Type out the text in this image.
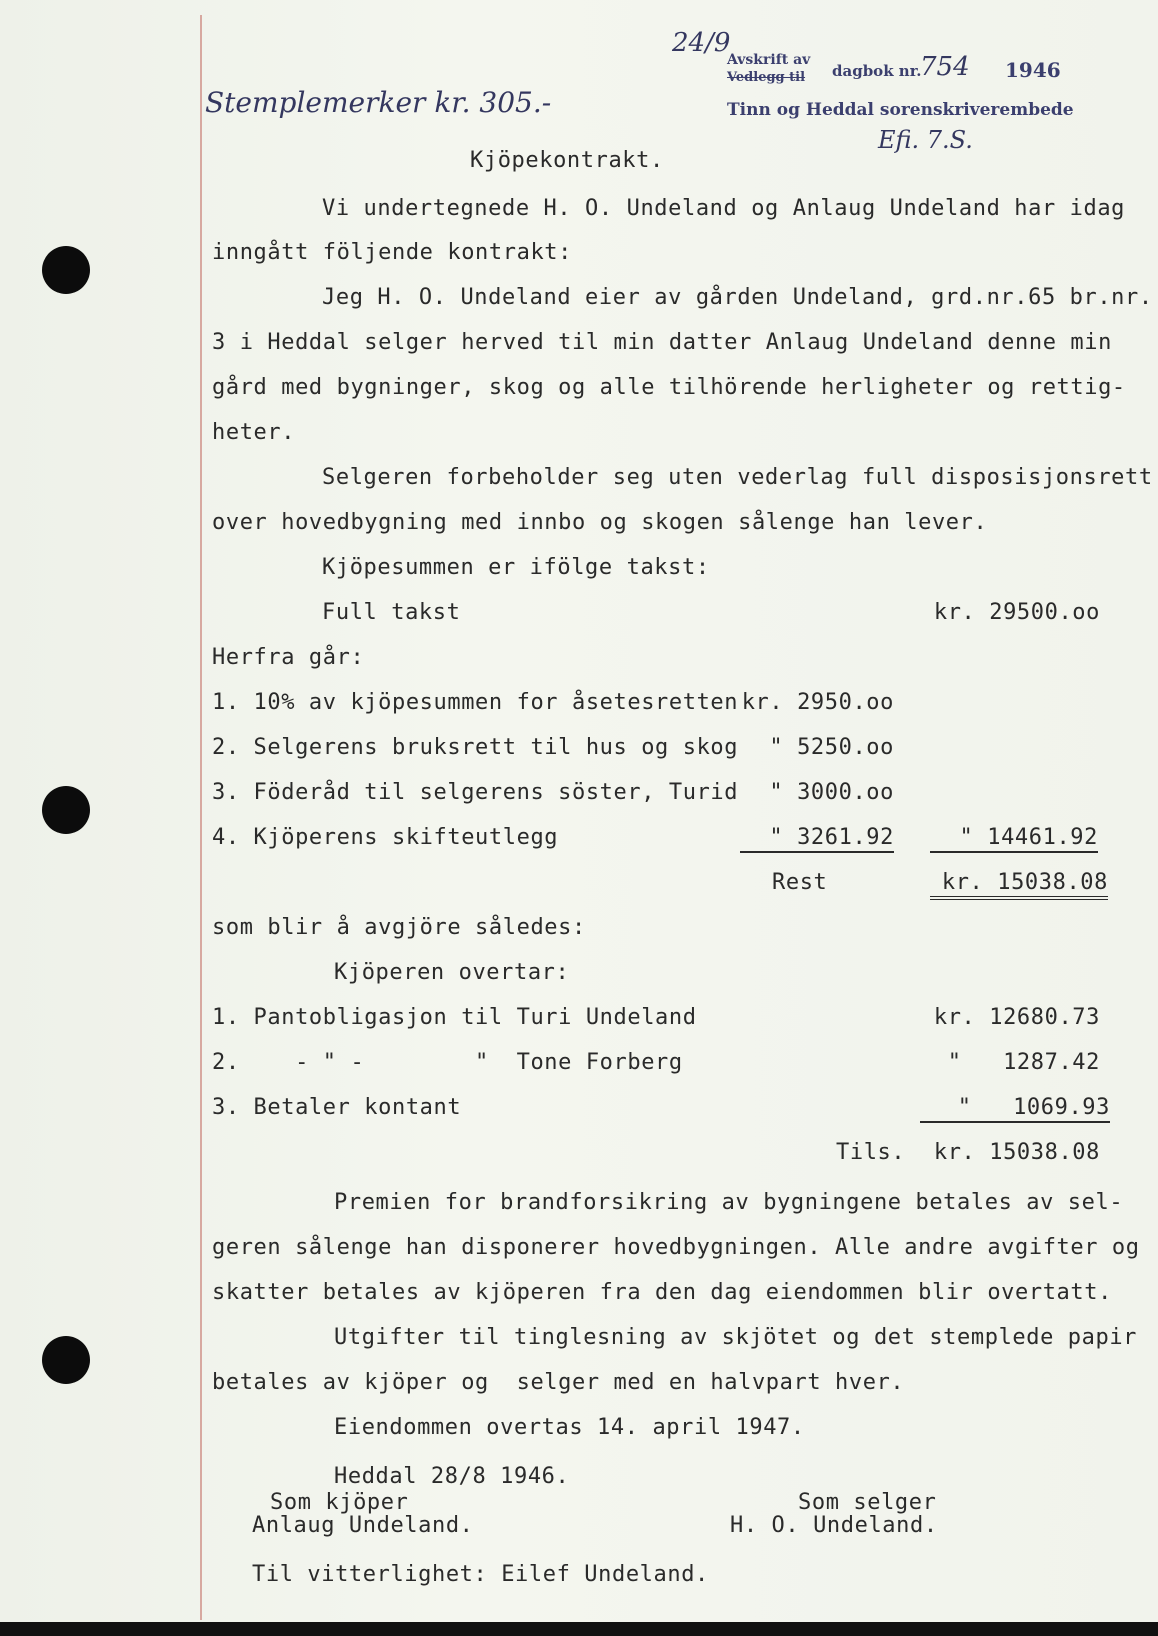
24/9
Avskrift av
Vedlegg til dagbok nr.
754 1946
Tinn og Heddal sorenskriverembede
Efi. 7.S.
Stemplemerker kr. 305.-
Kjöpekontrakt.
Vi undertegnede H. O. Undeland og Anlaug Undeland har idag
inngått följende kontrakt:
Jeg H. O. Undeland eier av gården Undeland, grd.nr.65 br.nr.
3 i Heddal selger herved til min datter Anlaug Undeland denne min
gård med bygninger, skog og alle tilhörende herligheter og rettig-
heter.
Selgeren forbeholder seg uten vederlag full disposisjonsrett
over hovedbygning med innbo og skogen sålenge han lever.
Kjöpesummen er ifölge takst:
Full takst	kr. 29500.oo
Herfra går:
1. 10% av kjöpesummen for åsetesretten kr. 2950.oo
2. Selgerens bruksrett til hus og skog	" 5250.oo
3. Föderåd til selgerens söster, Turid	" 3000.oo
4. Kjöperens skifteutlegg	" 3261.92	" 14461.92
Rest	kr. 15038.08
som blir å avgjöre således:
Kjöperen overtar:
1. Pantobligasjon til Turi Undeland	kr. 12680.73
2.    - " -        "  Tone Forberg	"   1287.42
3. Betaler kontant	"   1069.93
Tils.	kr. 15038.08
Premien for brandforsikring av bygningene betales av sel-
geren sålenge han disponerer hovedbygningen. Alle andre avgifter og
skatter betales av kjöperen fra den dag eiendommen blir overtatt.
Utgifter til tinglesning av skjötet og det stemplede papir
betales av kjöper og  selger med en halvpart hver.
Eiendommen overtas 14. april 1947.
Heddal 28/8 1946.
Som kjöper
Anlaug Undeland.
Som selger
H. O. Undeland.
Til vitterlighet: Eilef Undeland.
